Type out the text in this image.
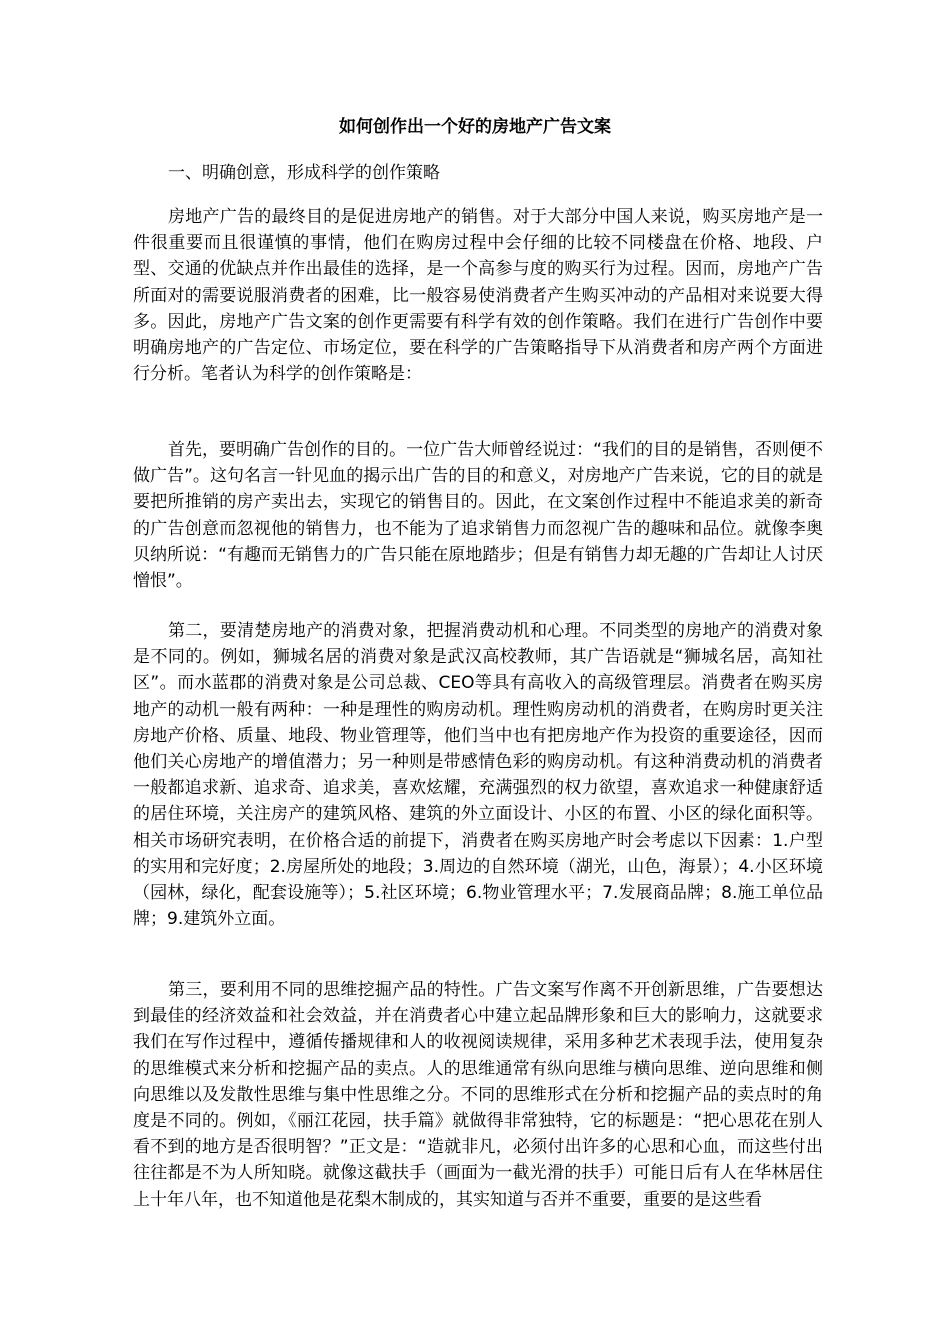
如何创作出一个好的房地产广告文案

一、明确创意，形成科学的创作策略

房地产广告的最终目的是促进房地产的销售。对于大部分中国人来说，购买房地产是一件很重要而且很谨慎的事情，他们在购房过程中会仔细的比较不同楼盘在价格、地段、户型、交通的优缺点并作出最佳的选择，是一个高参与度的购买行为过程。因而，房地产广告所面对的需要说服消费者的困难，比一般容易使消费者产生购买冲动的产品相对来说要大得多。因此，房地产广告文案的创作更需要有科学有效的创作策略。我们在进行广告创作中要明确房地产的广告定位、市场定位，要在科学的广告策略指导下从消费者和房产两个方面进行分析。笔者认为科学的创作策略是：

首先，要明确广告创作的目的。一位广告大师曾经说过：“我们的目的是销售，否则便不做广告”。这句名言一针见血的揭示出广告的目的和意义，对房地产广告来说，它的目的就是要把所推销的房产卖出去，实现它的销售目的。因此，在文案创作过程中不能追求美的新奇的广告创意而忽视他的销售力，也不能为了追求销售力而忽视广告的趣味和品位。就像李奥贝纳所说：“有趣而无销售力的广告只能在原地踏步；但是有销售力却无趣的广告却让人讨厌憎恨”。

第二，要清楚房地产的消费对象，把握消费动机和心理。不同类型的房地产的消费对象是不同的。例如，狮城名居的消费对象是武汉高校教师，其广告语就是“狮城名居，高知社区”。而水蓝郡的消费对象是公司总裁、CEO等具有高收入的高级管理层。消费者在购买房地产的动机一般有两种：一种是理性的购房动机。理性购房动机的消费者，在购房时更关注房地产价格、质量、地段、物业管理等，他们当中也有把房地产作为投资的重要途径，因而他们关心房地产的增值潜力；另一种则是带感情色彩的购房动机。有这种消费动机的消费者一般都追求新、追求奇、追求美，喜欢炫耀，充满强烈的权力欲望，喜欢追求一种健康舒适的居住环境，关注房产的建筑风格、建筑的外立面设计、小区的布置、小区的绿化面积等。相关市场研究表明，在价格合适的前提下，消费者在购买房地产时会考虑以下因素：1.户型的实用和完好度；2.房屋所处的地段；3.周边的自然环境（湖光，山色，海景）；4.小区环境（园林，绿化，配套设施等）；5.社区环境；6.物业管理水平；7.发展商品牌；8.施工单位品牌；9.建筑外立面。

第三，要利用不同的思维挖掘产品的特性。广告文案写作离不开创新思维，广告要想达到最佳的经济效益和社会效益，并在消费者心中建立起品牌形象和巨大的影响力，这就要求我们在写作过程中，遵循传播规律和人的收视阅读规律，采用多种艺术表现手法，使用复杂的思维模式来分析和挖掘产品的卖点。人的思维通常有纵向思维与横向思维、逆向思维和侧向思维以及发散性思维与集中性思维之分。不同的思维形式在分析和挖掘产品的卖点时的角度是不同的。例如，《丽江花园，扶手篇》就做得非常独特，它的标题是：“把心思花在别人看不到的地方是否很明智？”正文是：“造就非凡，必须付出许多的心思和心血，而这些付出往往都是不为人所知晓。就像这截扶手（画面为一截光滑的扶手）可能日后有人在华林居住上十年八年，也不知道他是花梨木制成的，其实知道与否并不重要，重要的是这些看
